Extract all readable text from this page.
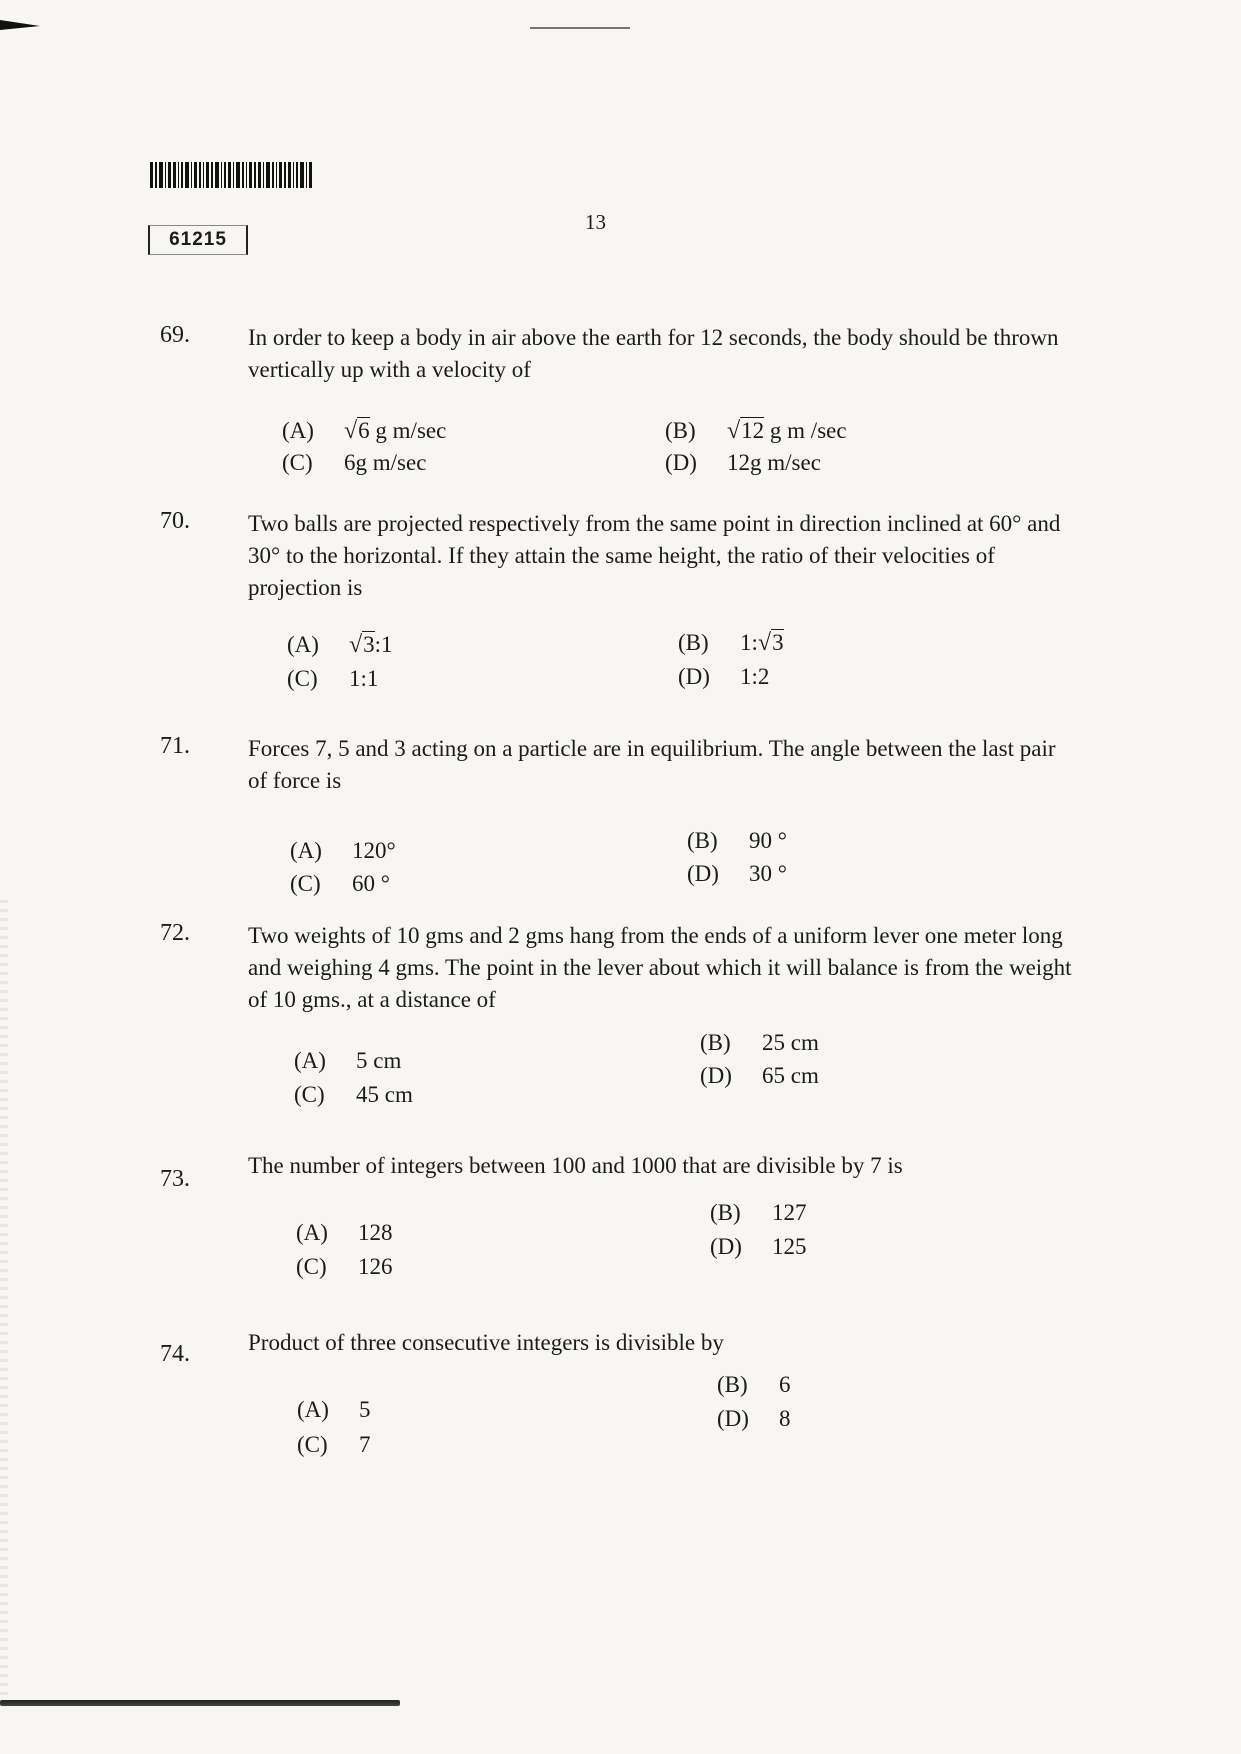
61215
13
69.	In order to keep a body in air above the earth for 12 seconds, the body should be thrown vertically up with a velocity of
(A) √6 g m/sec	(B) √12 g m /sec
(C) 6g m/sec	(D) 12g m/sec
70.	Two balls are projected respectively from the same point in direction inclined at 60° and 30° to the horizontal. If they attain the same height, the ratio of their velocities of projection is
(A) √3:1	(B) 1:√3
(C) 1:1	(D) 1:2
71.	Forces 7, 5 and 3 acting on a particle are in equilibrium. The angle between the last pair of force is
(A) 120°	(B) 90 °
(C) 60 °	(D) 30 °
72.	Two weights of 10 gms and 2 gms hang from the ends of a uniform lever one meter long and weighing 4 gms. The point in the lever about which it will balance is from the weight of 10 gms., at a distance of
(A) 5 cm
(B) 25 cm
(C) 45 cm
(D) 65 cm
73.
The number of integers between 100 and 1000 that are divisible by 7 is
(A) 128
(B) 127
(C) 126
(D) 125
74.	Product of three consecutive integers is divisible by
(A) 5
(B) 6
(C) 7
(D) 8
